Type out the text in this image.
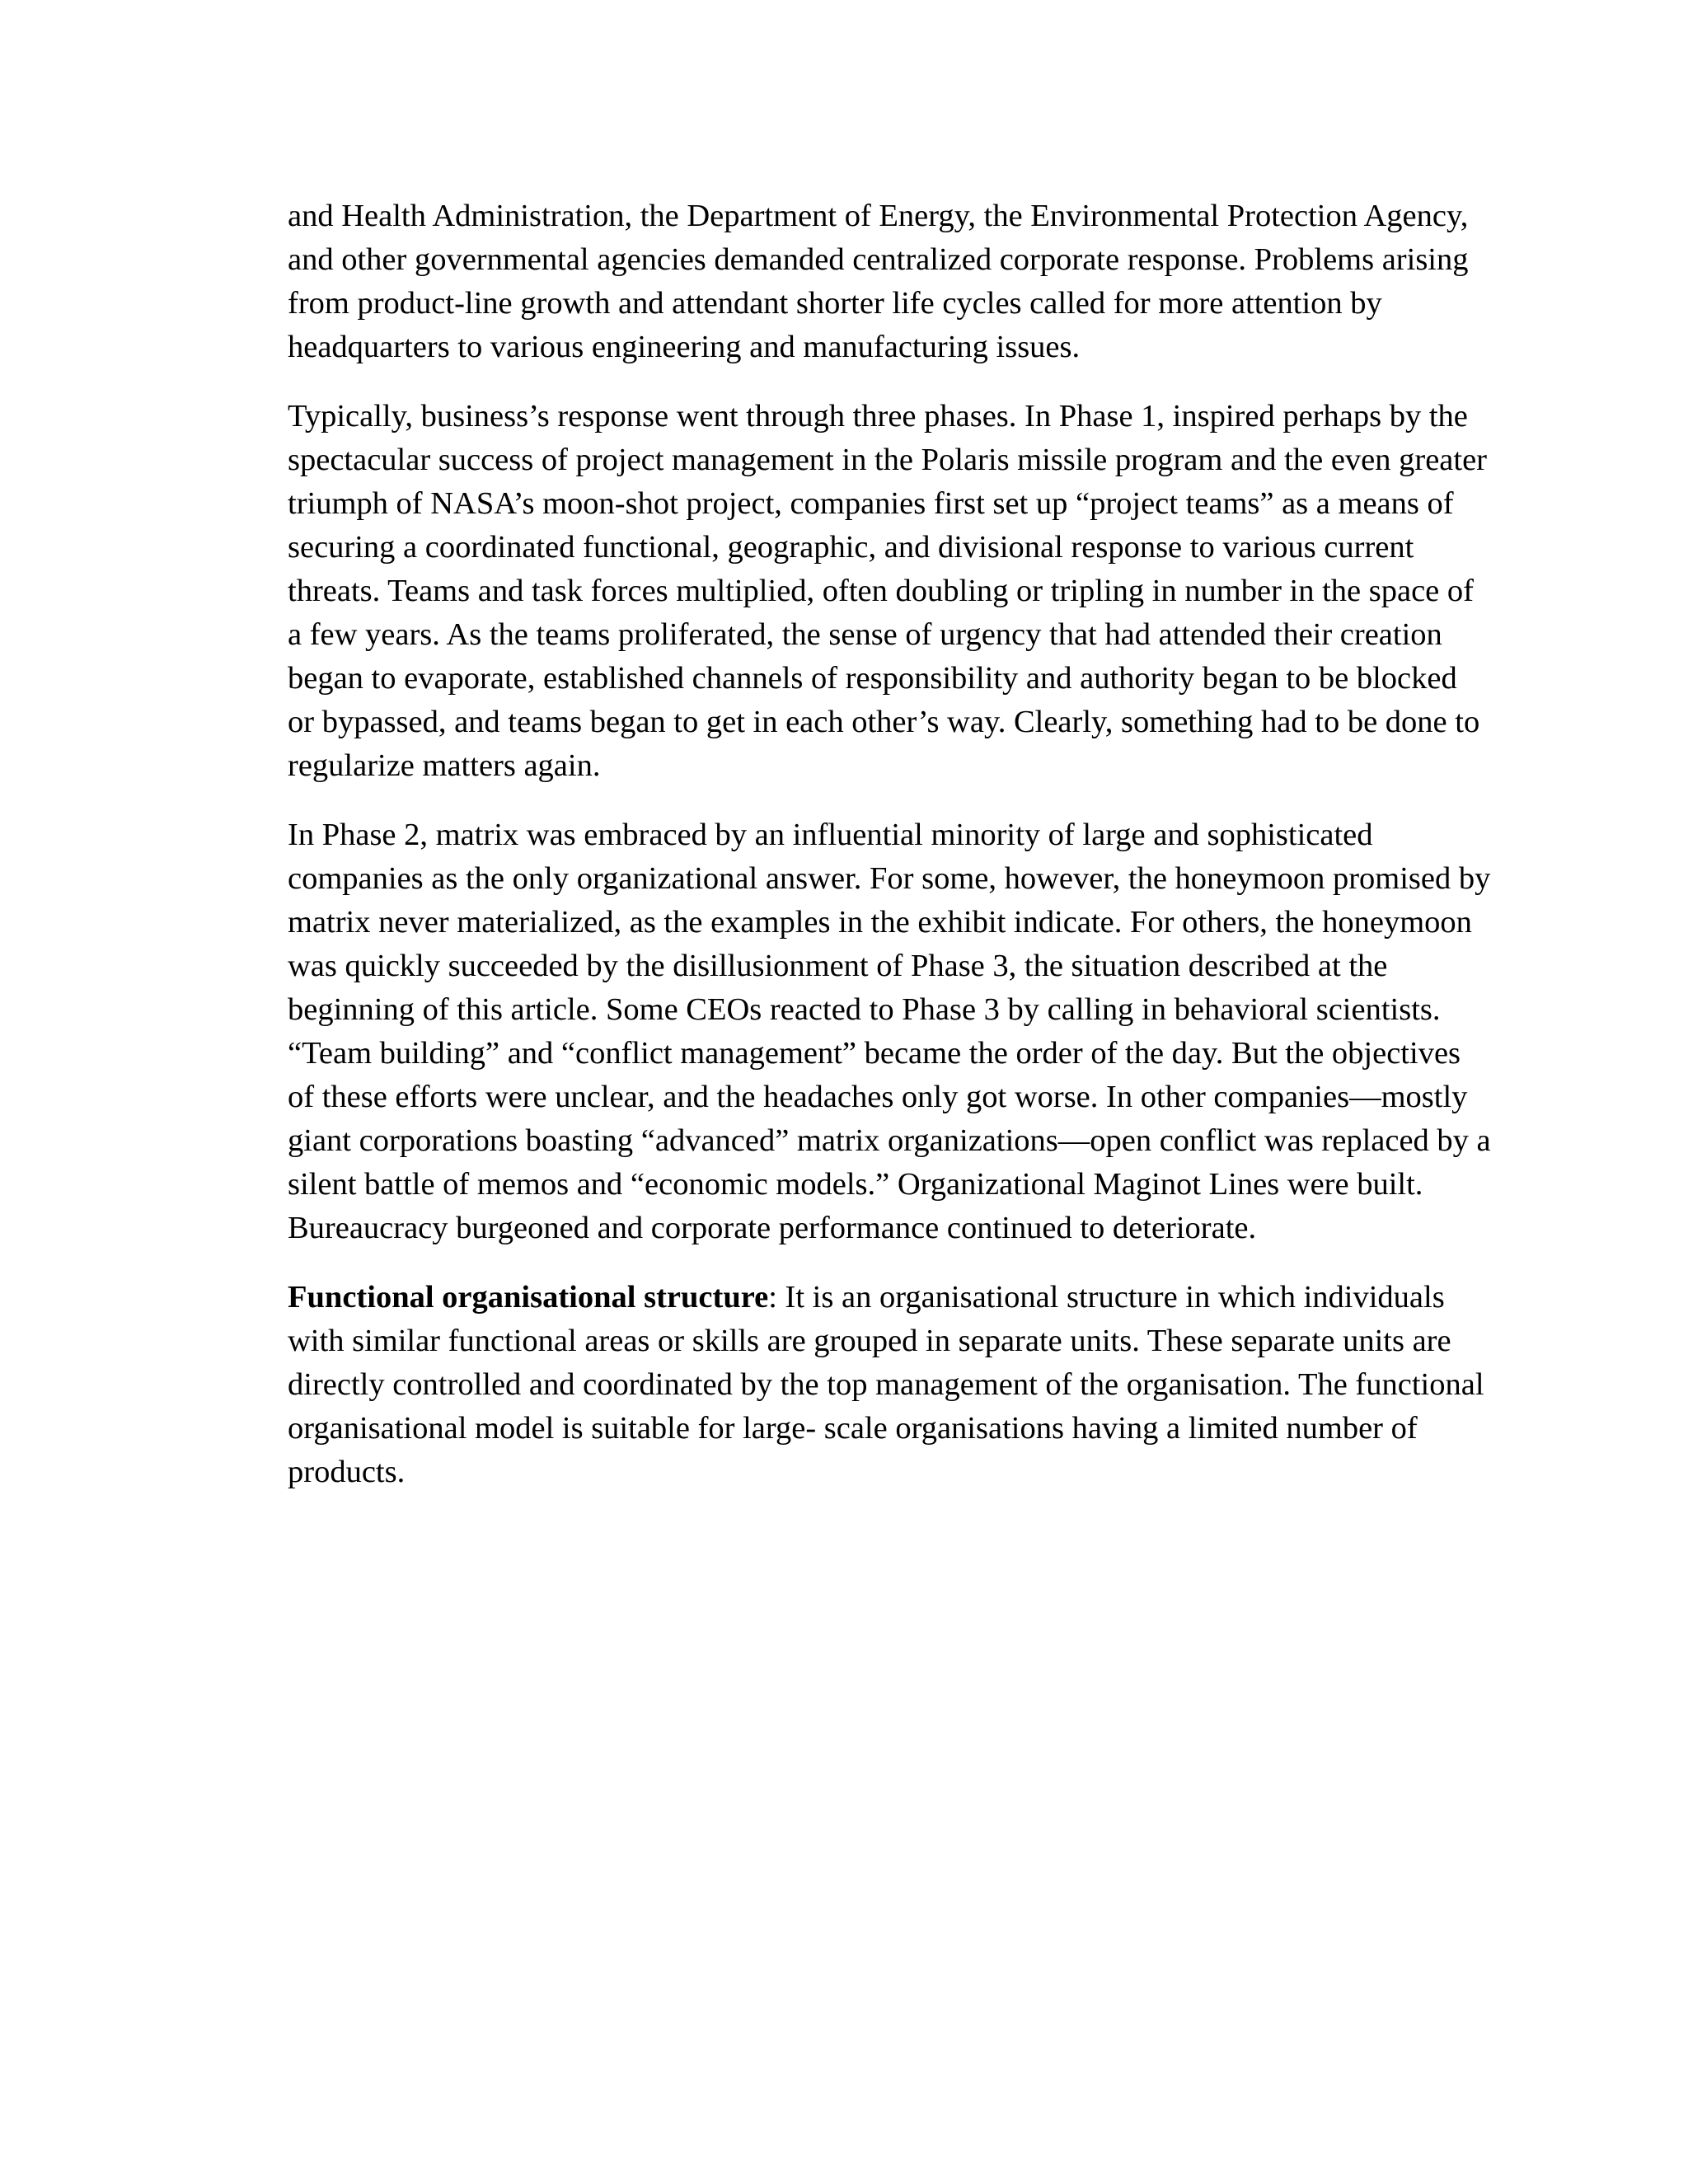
and Health Administration, the Department of Energy, the Environmental Protection Agency, and other governmental agencies demanded centralized corporate response. Problems arising from product-line growth and attendant shorter life cycles called for more attention by headquarters to various engineering and manufacturing issues.

Typically, business’s response went through three phases. In Phase 1, inspired perhaps by the spectacular success of project management in the Polaris missile program and the even greater triumph of NASA’s moon-shot project, companies first set up “project teams” as a means of securing a coordinated functional, geographic, and divisional response to various current threats. Teams and task forces multiplied, often doubling or tripling in number in the space of a few years. As the teams proliferated, the sense of urgency that had attended their creation began to evaporate, established channels of responsibility and authority began to be blocked or bypassed, and teams began to get in each other’s way. Clearly, something had to be done to regularize matters again.

In Phase 2, matrix was embraced by an influential minority of large and sophisticated companies as the only organizational answer. For some, however, the honeymoon promised by matrix never materialized, as the examples in the exhibit indicate. For others, the honeymoon was quickly succeeded by the disillusionment of Phase 3, the situation described at the beginning of this article. Some CEOs reacted to Phase 3 by calling in behavioral scientists. “Team building” and “conflict management” became the order of the day. But the objectives of these efforts were unclear, and the headaches only got worse. In other companies—mostly giant corporations boasting “advanced” matrix organizations—open conflict was replaced by a silent battle of memos and “economic models.” Organizational Maginot Lines were built. Bureaucracy burgeoned and corporate performance continued to deteriorate.

Functional organisational structure: It is an organisational structure in which individuals with similar functional areas or skills are grouped in separate units. These separate units are directly controlled and coordinated by the top management of the organisation. The functional organisational model is suitable for large- scale organisations having a limited number of products.
